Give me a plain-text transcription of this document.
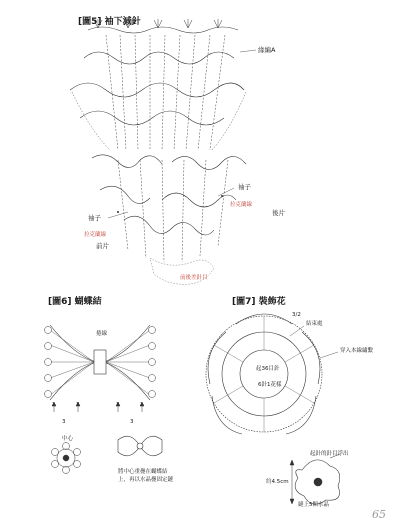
[圖5] 袖下減針
緣編A
袖子
拉克蘭線
後片
袖子
拉克蘭線
前片
前後差針目
[圖6] 蝴蝶結
捲線
3	3
中心
將中心重疊在蝴蝶結
上，再以水晶疊固定鏈
[圖7] 裝飾花
3/2
結束處
穿入本線繡繫
起36目針
6針1花樣
起針的針目浮出
約4.5cm
縫上5顆水晶
65
